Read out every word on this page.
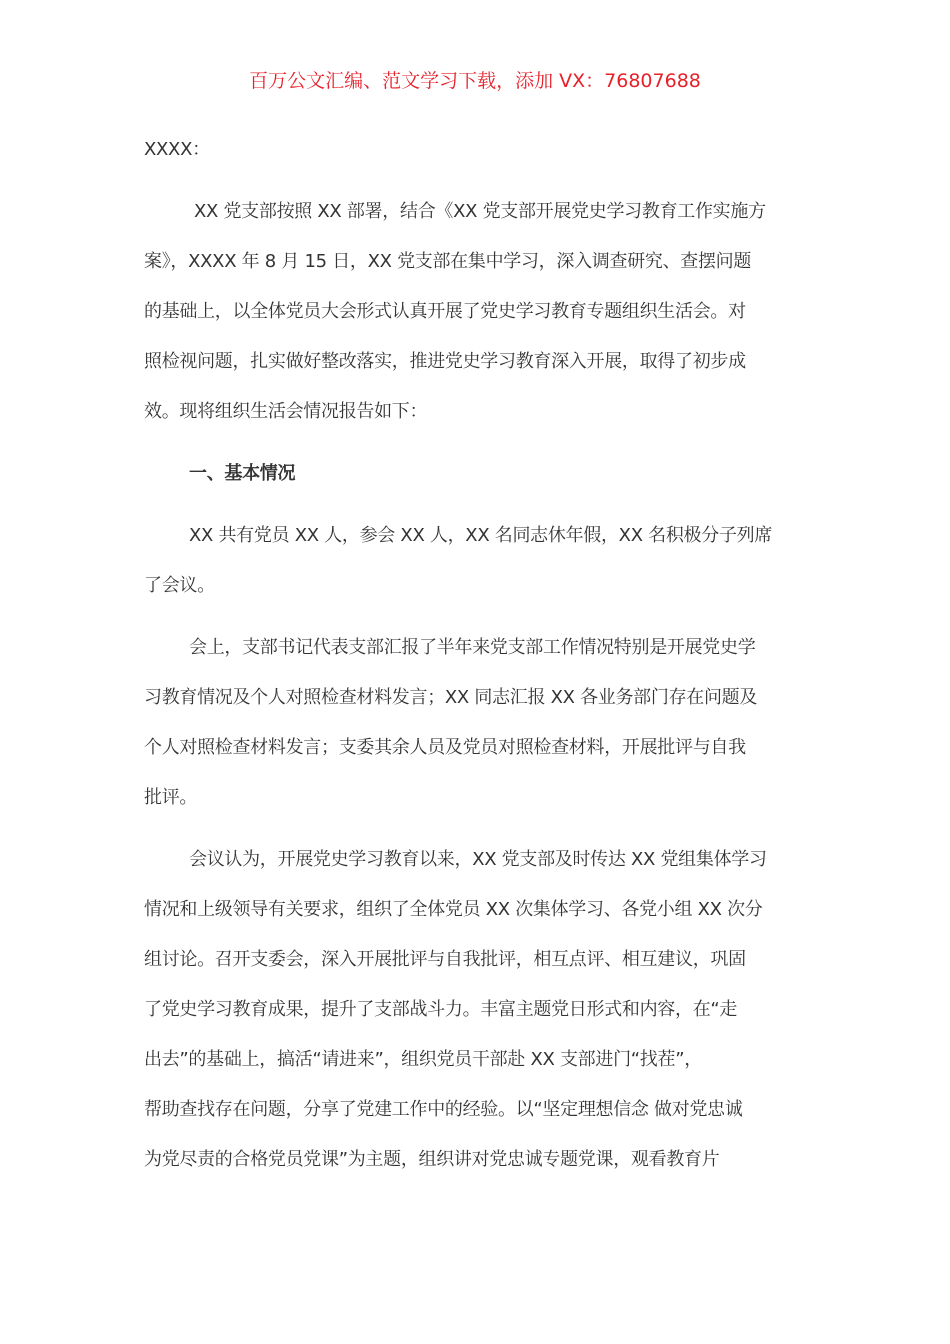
百万公文汇编、范文学习下载，添加 VX：76807688
XXXX：
XX 党支部按照 XX 部署，结合《XX 党支部开展党史学习教育工作实施方
案》，XXXX 年 8 月 15 日，XX 党支部在集中学习，深入调查研究、查摆问题
的基础上，以全体党员大会形式认真开展了党史学习教育专题组织生活会。对
照检视问题，扎实做好整改落实，推进党史学习教育深入开展，取得了初步成
效。现将组织生活会情况报告如下：
一、基本情况
XX 共有党员 XX 人，参会 XX 人，XX 名同志休年假，XX 名积极分子列席
了会议。
会上，支部书记代表支部汇报了半年来党支部工作情况特别是开展党史学
习教育情况及个人对照检查材料发言；XX 同志汇报 XX 各业务部门存在问题及
个人对照检查材料发言；支委其余人员及党员对照检查材料，开展批评与自我
批评。
会议认为，开展党史学习教育以来，XX 党支部及时传达 XX 党组集体学习
情况和上级领导有关要求，组织了全体党员 XX 次集体学习、各党小组 XX 次分
组讨论。召开支委会，深入开展批评与自我批评，相互点评、相互建议，巩固
了党史学习教育成果，提升了支部战斗力。丰富主题党日形式和内容，在“走
出去”的基础上，搞活“请进来”，组织党员干部赴 XX 支部进门“找茬”，
帮助查找存在问题，分享了党建工作中的经验。以“坚定理想信念 做对党忠诚
为党尽责的合格党员党课”为主题，组织讲对党忠诚专题党课，观看教育片
